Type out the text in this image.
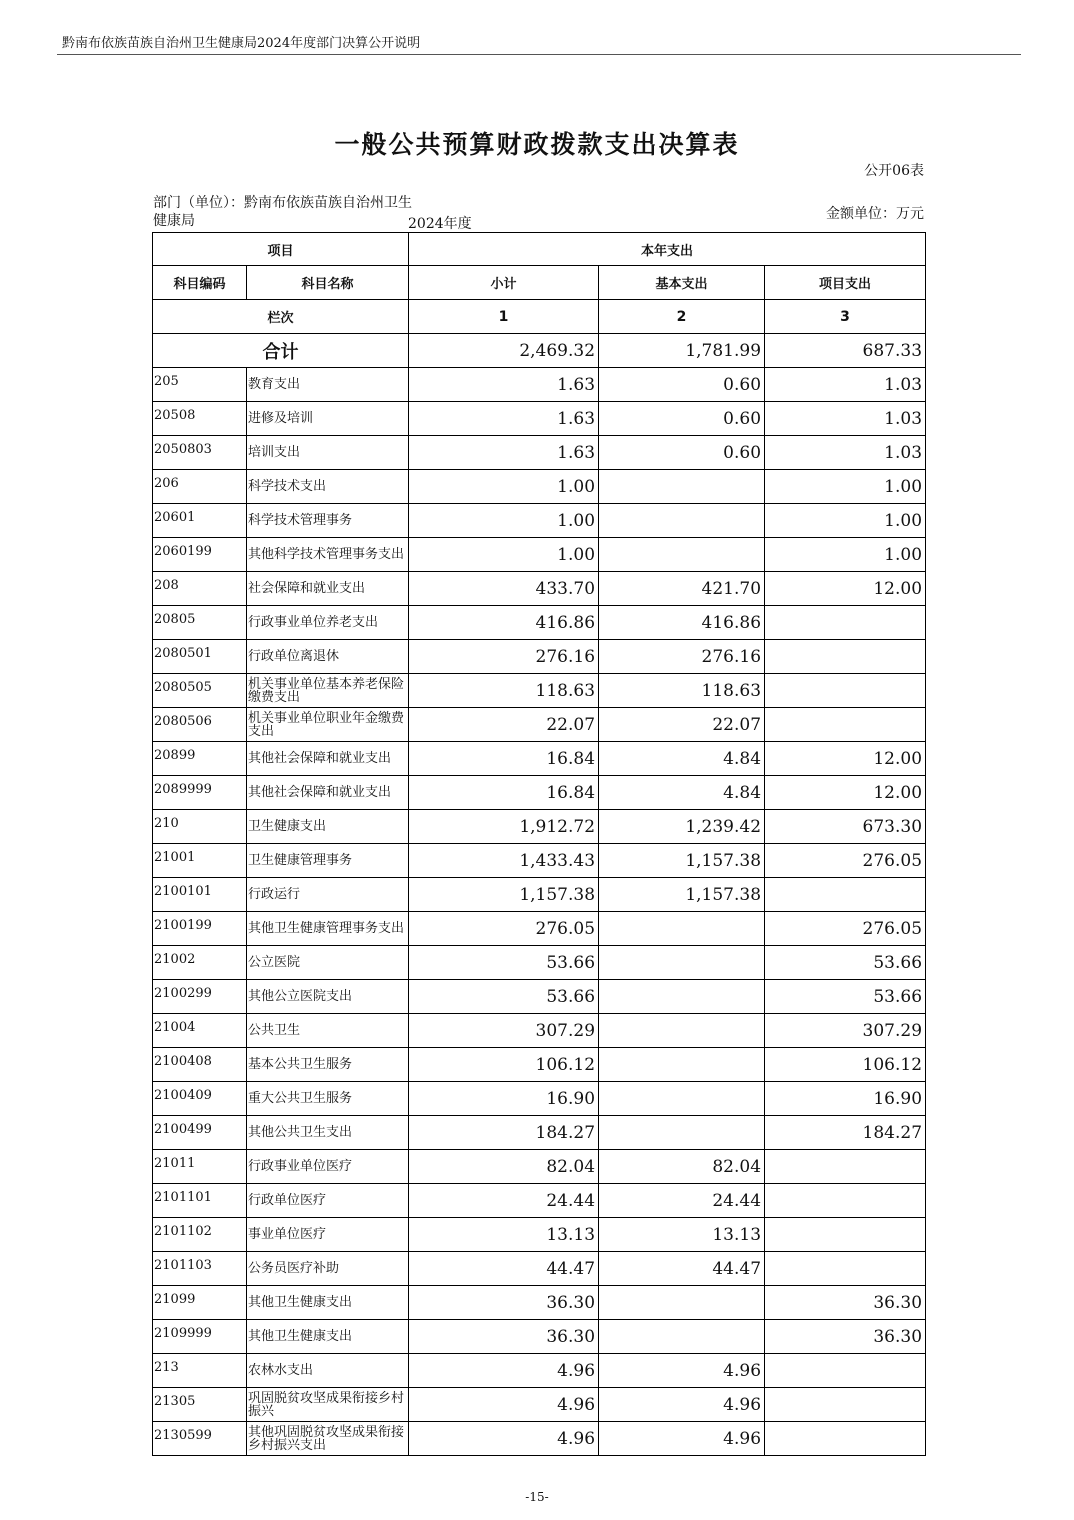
黔南布依族苗族自治州卫生健康局2024年度部门决算公开说明
一般公共预算财政拨款支出决算表
公开06表
部门（单位）：黔南布依族苗族自治州卫生健康局	2024年度
金额单位：万元
项目		本年支出		
科目编码	科目名称	小计	基本支出	项目支出
栏次		1	2	3
合计		2,469.32	1,781.99	687.33
205	教育支出	1.63	0.60	1.03
20508	进修及培训	1.63	0.60	1.03
2050803	培训支出	1.63	0.60	1.03
206	科学技术支出	1.00		1.00
20601	科学技术管理事务	1.00		1.00
2060199	其他科学技术管理事务支出	1.00		1.00
208	社会保障和就业支出	433.70	421.70	12.00
20805	行政事业单位养老支出	416.86	416.86	
2080501	行政单位离退休	276.16	276.16	
2080505	机关事业单位基本养老保险缴费支出	118.63	118.63	
2080506	机关事业单位职业年金缴费支出	22.07	22.07	
20899	其他社会保障和就业支出	16.84	4.84	12.00
2089999	其他社会保障和就业支出	16.84	4.84	12.00
210	卫生健康支出	1,912.72	1,239.42	673.30
21001	卫生健康管理事务	1,433.43	1,157.38	276.05
2100101	行政运行	1,157.38	1,157.38	
2100199	其他卫生健康管理事务支出	276.05		276.05
21002	公立医院	53.66		53.66
2100299	其他公立医院支出	53.66		53.66
21004	公共卫生	307.29		307.29
2100408	基本公共卫生服务	106.12		106.12
2100409	重大公共卫生服务	16.90		16.90
2100499	其他公共卫生支出	184.27		184.27
21011	行政事业单位医疗	82.04	82.04	
2101101	行政单位医疗	24.44	24.44	
2101102	事业单位医疗	13.13	13.13	
2101103	公务员医疗补助	44.47	44.47	
21099	其他卫生健康支出	36.30		36.30
2109999	其他卫生健康支出	36.30		36.30
213	农林水支出	4.96	4.96	
21305	巩固脱贫攻坚成果衔接乡村振兴	4.96	4.96	
2130599	其他巩固脱贫攻坚成果衔接乡村振兴支出	4.96	4.96	
-15-
